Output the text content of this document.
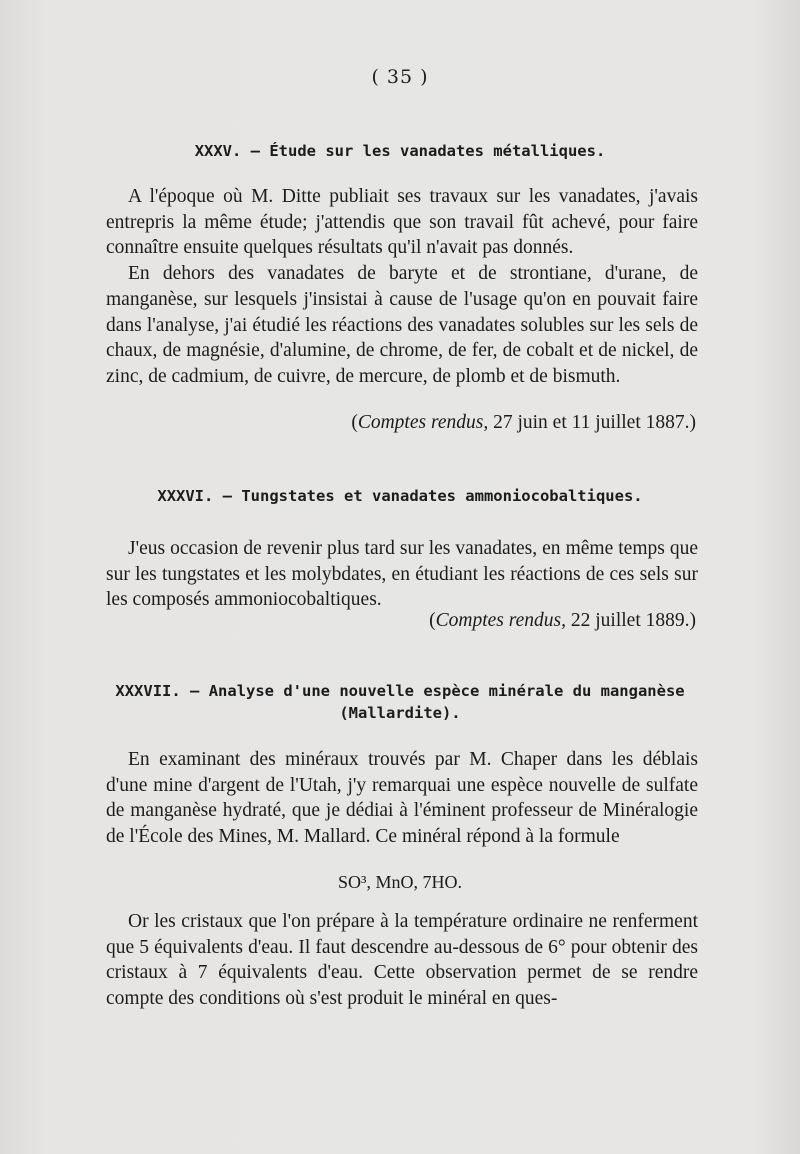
( 35 )
XXXV. — Étude sur les vanadates métalliques.

A l'époque où M. Ditte publiait ses travaux sur les vanadates, j'avais entrepris la même étude; j'attendis que son travail fût achevé, pour faire connaître ensuite quelques résultats qu'il n'avait pas donnés.

En dehors des vanadates de baryte et de strontiane, d'urane, de manganèse, sur lesquels j'insistai à cause de l'usage qu'on en pouvait faire dans l'analyse, j'ai étudié les réactions des vanadates solubles sur les sels de chaux, de magnésie, d'alumine, de chrome, de fer, de cobalt et de nickel, de zinc, de cadmium, de cuivre, de mercure, de plomb et de bismuth.

(Comptes rendus, 27 juin et 11 juillet 1887.)
XXXVI. — Tungstates et vanadates ammoniocobaltiques.

J'eus occasion de revenir plus tard sur les vanadates, en même temps que sur les tungstates et les molybdates, en étudiant les réactions de ces sels sur les composés ammoniocobaltiques.

(Comptes rendus, 22 juillet 1889.)
XXXVII. — Analyse d'une nouvelle espèce minérale du manganèse
(Mallardite).

En examinant des minéraux trouvés par M. Chaper dans les déblais d'une mine d'argent de l'Utah, j'y remarquai une espèce nouvelle de sulfate de manganèse hydraté, que je dédiai à l'éminent professeur de Minéralogie de l'École des Mines, M. Mallard. Ce minéral répond à la formule

SO³, MnO, 7HO.

Or les cristaux que l'on prépare à la température ordinaire ne renferment que 5 équivalents d'eau. Il faut descendre au-dessous de 6° pour obtenir des cristaux à 7 équivalents d'eau. Cette observation permet de se rendre compte des conditions où s'est produit le minéral en ques-
